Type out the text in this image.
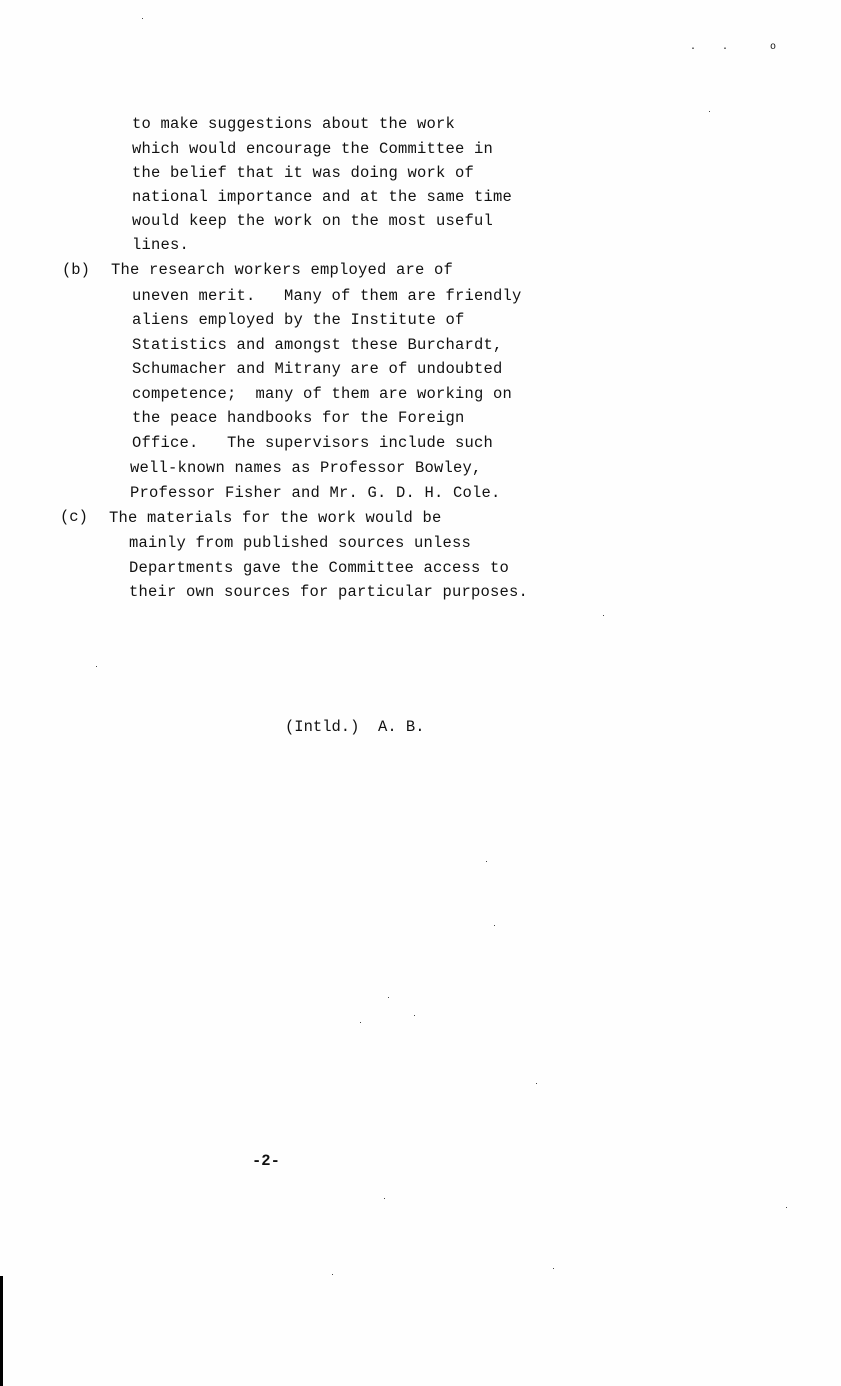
. .  o
to make suggestions about the work
which would encourage the Committee in
the belief that it was doing work of
national importance and at the same time
would keep the work on the most useful
lines.
(b) The research workers employed are of
uneven merit.   Many of them are friendly
aliens employed by the Institute of
Statistics and amongst these Burchardt,
Schumacher and Mitrany are of undoubted
competence;  many of them are working on
the peace handbooks for the Foreign
Office.   The supervisors include such
well-known names as Professor Bowley,
Professor Fisher and Mr. G. D. H. Cole.
(c) The materials for the work would be
mainly from published sources unless
Departments gave the Committee access to
their own sources for particular purposes.
(Intld.)  A. B.
-2-
